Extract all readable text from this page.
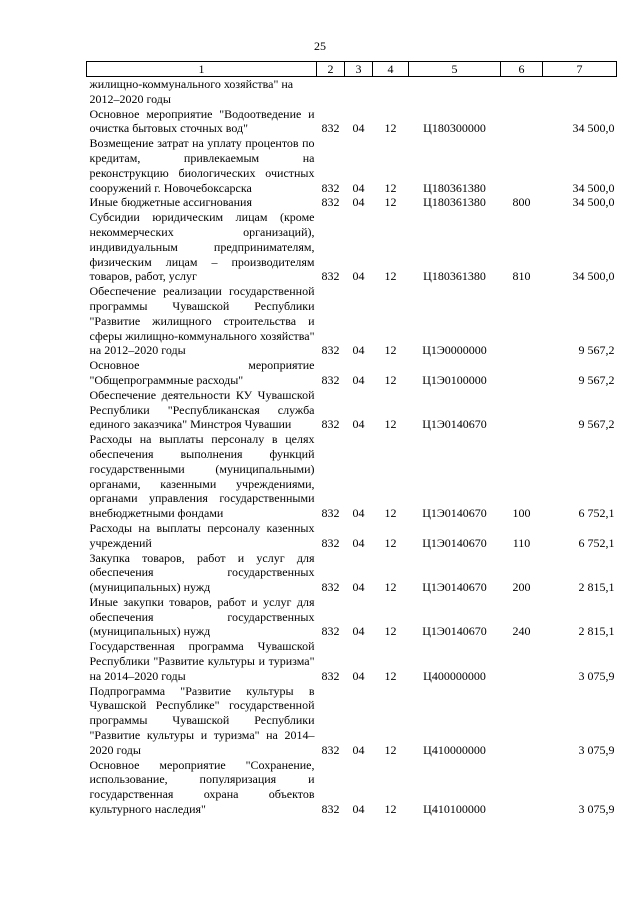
25
1	2	3	4	5	6	7
жилищно-коммунального хозяйства" на 2012–2020 годы						
Основное мероприятие "Водоотведение и очистка бытовых сточных вод"	832	04	12	Ц180300000		34 500,0
Возмещение затрат на уплату процентов по кредитам, привлекаемым на реконструкцию биологических очистных сооружений г. Новочебоксарска	832	04	12	Ц180361380		34 500,0
Иные бюджетные ассигнования	832	04	12	Ц180361380	800	34 500,0
Субсидии юридическим лицам (кроме некоммерческих организаций), индивидуальным предпринимателям, физическим лицам – производителям товаров, работ, услуг	832	04	12	Ц180361380	810	34 500,0
Обеспечение реализации государственной программы Чувашской Республики "Развитие жилищного строительства и сферы жилищно-коммунального хозяйства" на 2012–2020 годы	832	04	12	Ц1Э0000000		9 567,2
Основное мероприятие "Общепрограммные расходы"	832	04	12	Ц1Э0100000		9 567,2
Обеспечение деятельности КУ Чувашской Республики "Республиканская служба единого заказчика" Минстроя Чувашии	832	04	12	Ц1Э0140670		9 567,2
Расходы на выплаты персоналу в целях обеспечения выполнения функций государственными (муниципальными) органами, казенными учреждениями, органами управления государственными внебюджетными фондами	832	04	12	Ц1Э0140670	100	6 752,1
Расходы на выплаты персоналу казенных учреждений	832	04	12	Ц1Э0140670	110	6 752,1
Закупка товаров, работ и услуг для обеспечения государственных (муниципальных) нужд	832	04	12	Ц1Э0140670	200	2 815,1
Иные закупки товаров, работ и услуг для обеспечения государственных (муниципальных) нужд	832	04	12	Ц1Э0140670	240	2 815,1
Государственная программа Чувашской Республики "Развитие культуры и туризма" на 2014–2020 годы	832	04	12	Ц400000000		3 075,9
Подпрограмма "Развитие культуры в Чувашской Республике" государственной программы Чувашской Республики "Развитие культуры и туризма" на 2014–2020 годы	832	04	12	Ц410000000		3 075,9
Основное мероприятие "Сохранение, использование, популяризация и государственная охрана объектов культурного наследия"	832	04	12	Ц410100000		3 075,9
